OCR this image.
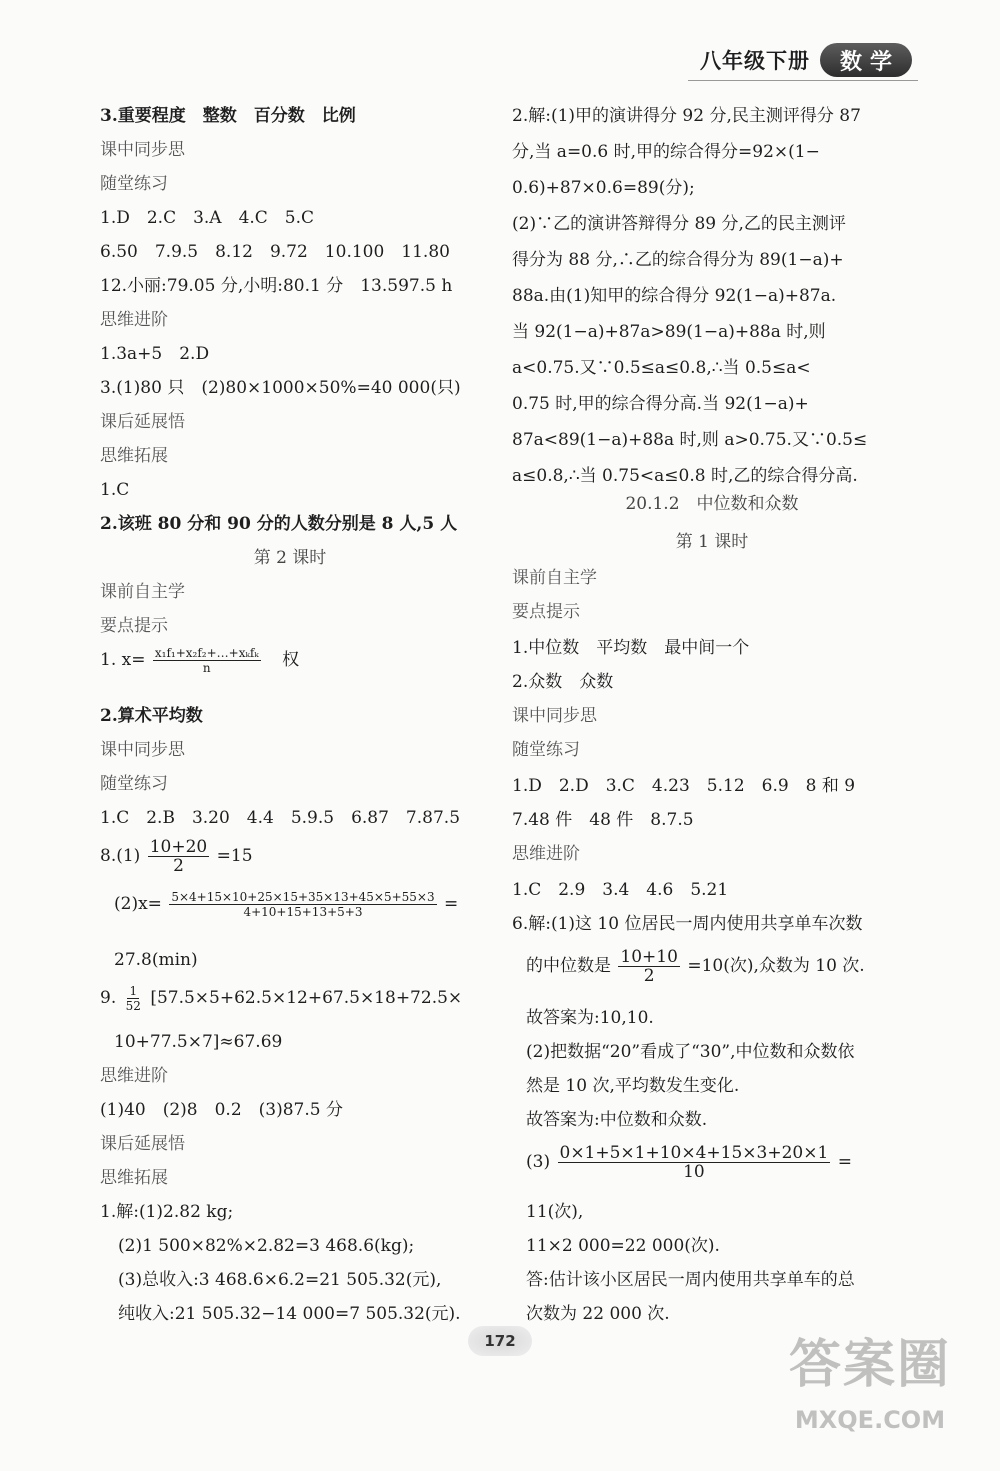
八年级下册	数学
3.重要程度　整数　百分数　比例
课中同步思
随堂练习
1.D　2.C　3.A　4.C　5.C
6.50　7.9.5　8.12　9.72　10.100　11.80
12.小丽:79.05 分,小明:80.1 分　13.597.5 h
思维进阶
1.3a+5　2.D
3.(1)80 只　(2)80×1000×50%=40 000(只)
课后延展悟
思维拓展
1.C
2.该班 80 分和 90 分的人数分别是 8 人,5 人
第 2 课时
课前自主学
要点提示
1. $x= \frac{\text{x₁f₁+x₂f₂+…+xₖfₖ}}{n}$ 权
2.算术平均数
课中同步思
随堂练习
1.C　2.B　3.20　4.4　5.9.5　6.87　7.87.5
$8.(1) \frac{10+20}{2} =15$
$(2)x= \frac{5\times 4+15\times 10+25\times 15+35\times 13+45\times 5+55\times 3}{4+10+15+13+5+3}$ =
27.8(min)
9. $\frac{1}{52} [57.5\times 5+62.5\times 12+67.5\times 18+72.5\times$
10+77.5×7]≈67.69
思维进阶
(1)40　(2)8　0.2　(3)87.5 分
课后延展悟
思维拓展
1.解:(1)2.82 kg;
(2)1 500×82%×2.82=3 468.6(kg);
(3)总收入:3 468.6×6.2=21 505.32(元),
纯收入:21 505.32−14 000=7 505.32(元).
2.解:(1)甲的演讲得分 92 分,民主测评得分 87
分,当 a=0.6 时,甲的综合得分=92×(1−
0.6)+87×0.6=89(分);
(2)∵乙的演讲答辩得分 89 分,乙的民主测评
得分为 88 分,∴乙的综合得分为 89(1−a)+
88a.由(1)知甲的综合得分 92(1−a)+87a.
当 92(1−a)+87a>89(1−a)+88a 时,则
a<0.75.又∵0.5≤a≤0.8,∴当 0.5≤a<
0.75 时,甲的综合得分高.当 92(1−a)+
87a<89(1−a)+88a 时,则 a>0.75.又∵0.5≤
a≤0.8,∴当 0.75<a≤0.8 时,乙的综合得分高.
20.1.2　中位数和众数
第 1 课时
课前自主学
要点提示
1.中位数　平均数　最中间一个
2.众数　众数
课中同步思
随堂练习
1.D　2.D　3.C　4.23　5.12　6.9　8 和 9
7.48 件　48 件　8.7.5
思维进阶
1.C　2.9　3.4　4.6　5.21
6.解:(1)这 10 位居民一周内使用共享单车次数
的中位数是 $\frac{10+10}{2} =10$(次),众数为 10 次.
故答案为:10,10.
(2)把数据“20”看成了“30”,中位数和众数依
然是 10 次,平均数发生变化.
故答案为:中位数和众数.
$(3) \frac{0\times 1+5\times 1+10\times 4+15\times 3+20\times 1}{10}$ =
11(次),
11×2 000=22 000(次).
答:估计该小区居民一周内使用共享单车的总
次数为 22 000 次.
172	答案圈
MXQE.COM
